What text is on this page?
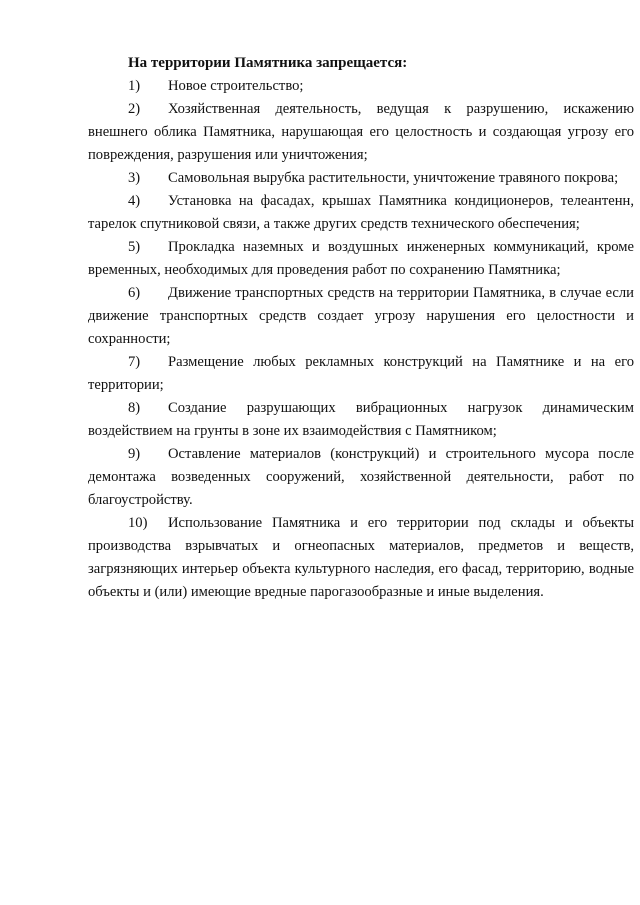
На территории Памятника запрещается:

1) Новое строительство;

2) Хозяйственная деятельность, ведущая к разрушению, искажению внешнего облика Памятника, нарушающая его целостность и создающая угрозу его повреждения, разрушения или уничтожения;

3) Самовольная вырубка растительности, уничтожение травяного покрова;

4) Установка на фасадах, крышах Памятника кондиционеров, телеантенн, тарелок спутниковой связи, а также других средств технического обеспечения;

5) Прокладка наземных и воздушных инженерных коммуникаций, кроме временных, необходимых для проведения работ по сохранению Памятника;

6) Движение транспортных средств на территории Памятника, в случае если движение транспортных средств создает угрозу нарушения его целостности и сохранности;

7) Размещение любых рекламных конструкций на Памятнике и на его территории;

8) Создание разрушающих вибрационных нагрузок динамическим воздействием на грунты в зоне их взаимодействия с Памятником;

9) Оставление материалов (конструкций) и строительного мусора после демонтажа возведенных сооружений, хозяйственной деятельности, работ по благоустройству.

10) Использование Памятника и его территории под склады и объекты производства взрывчатых и огнеопасных материалов, предметов и веществ, загрязняющих интерьер объекта культурного наследия, его фасад, территорию, водные объекты и (или) имеющие вредные парогазообразные и иные выделения.
